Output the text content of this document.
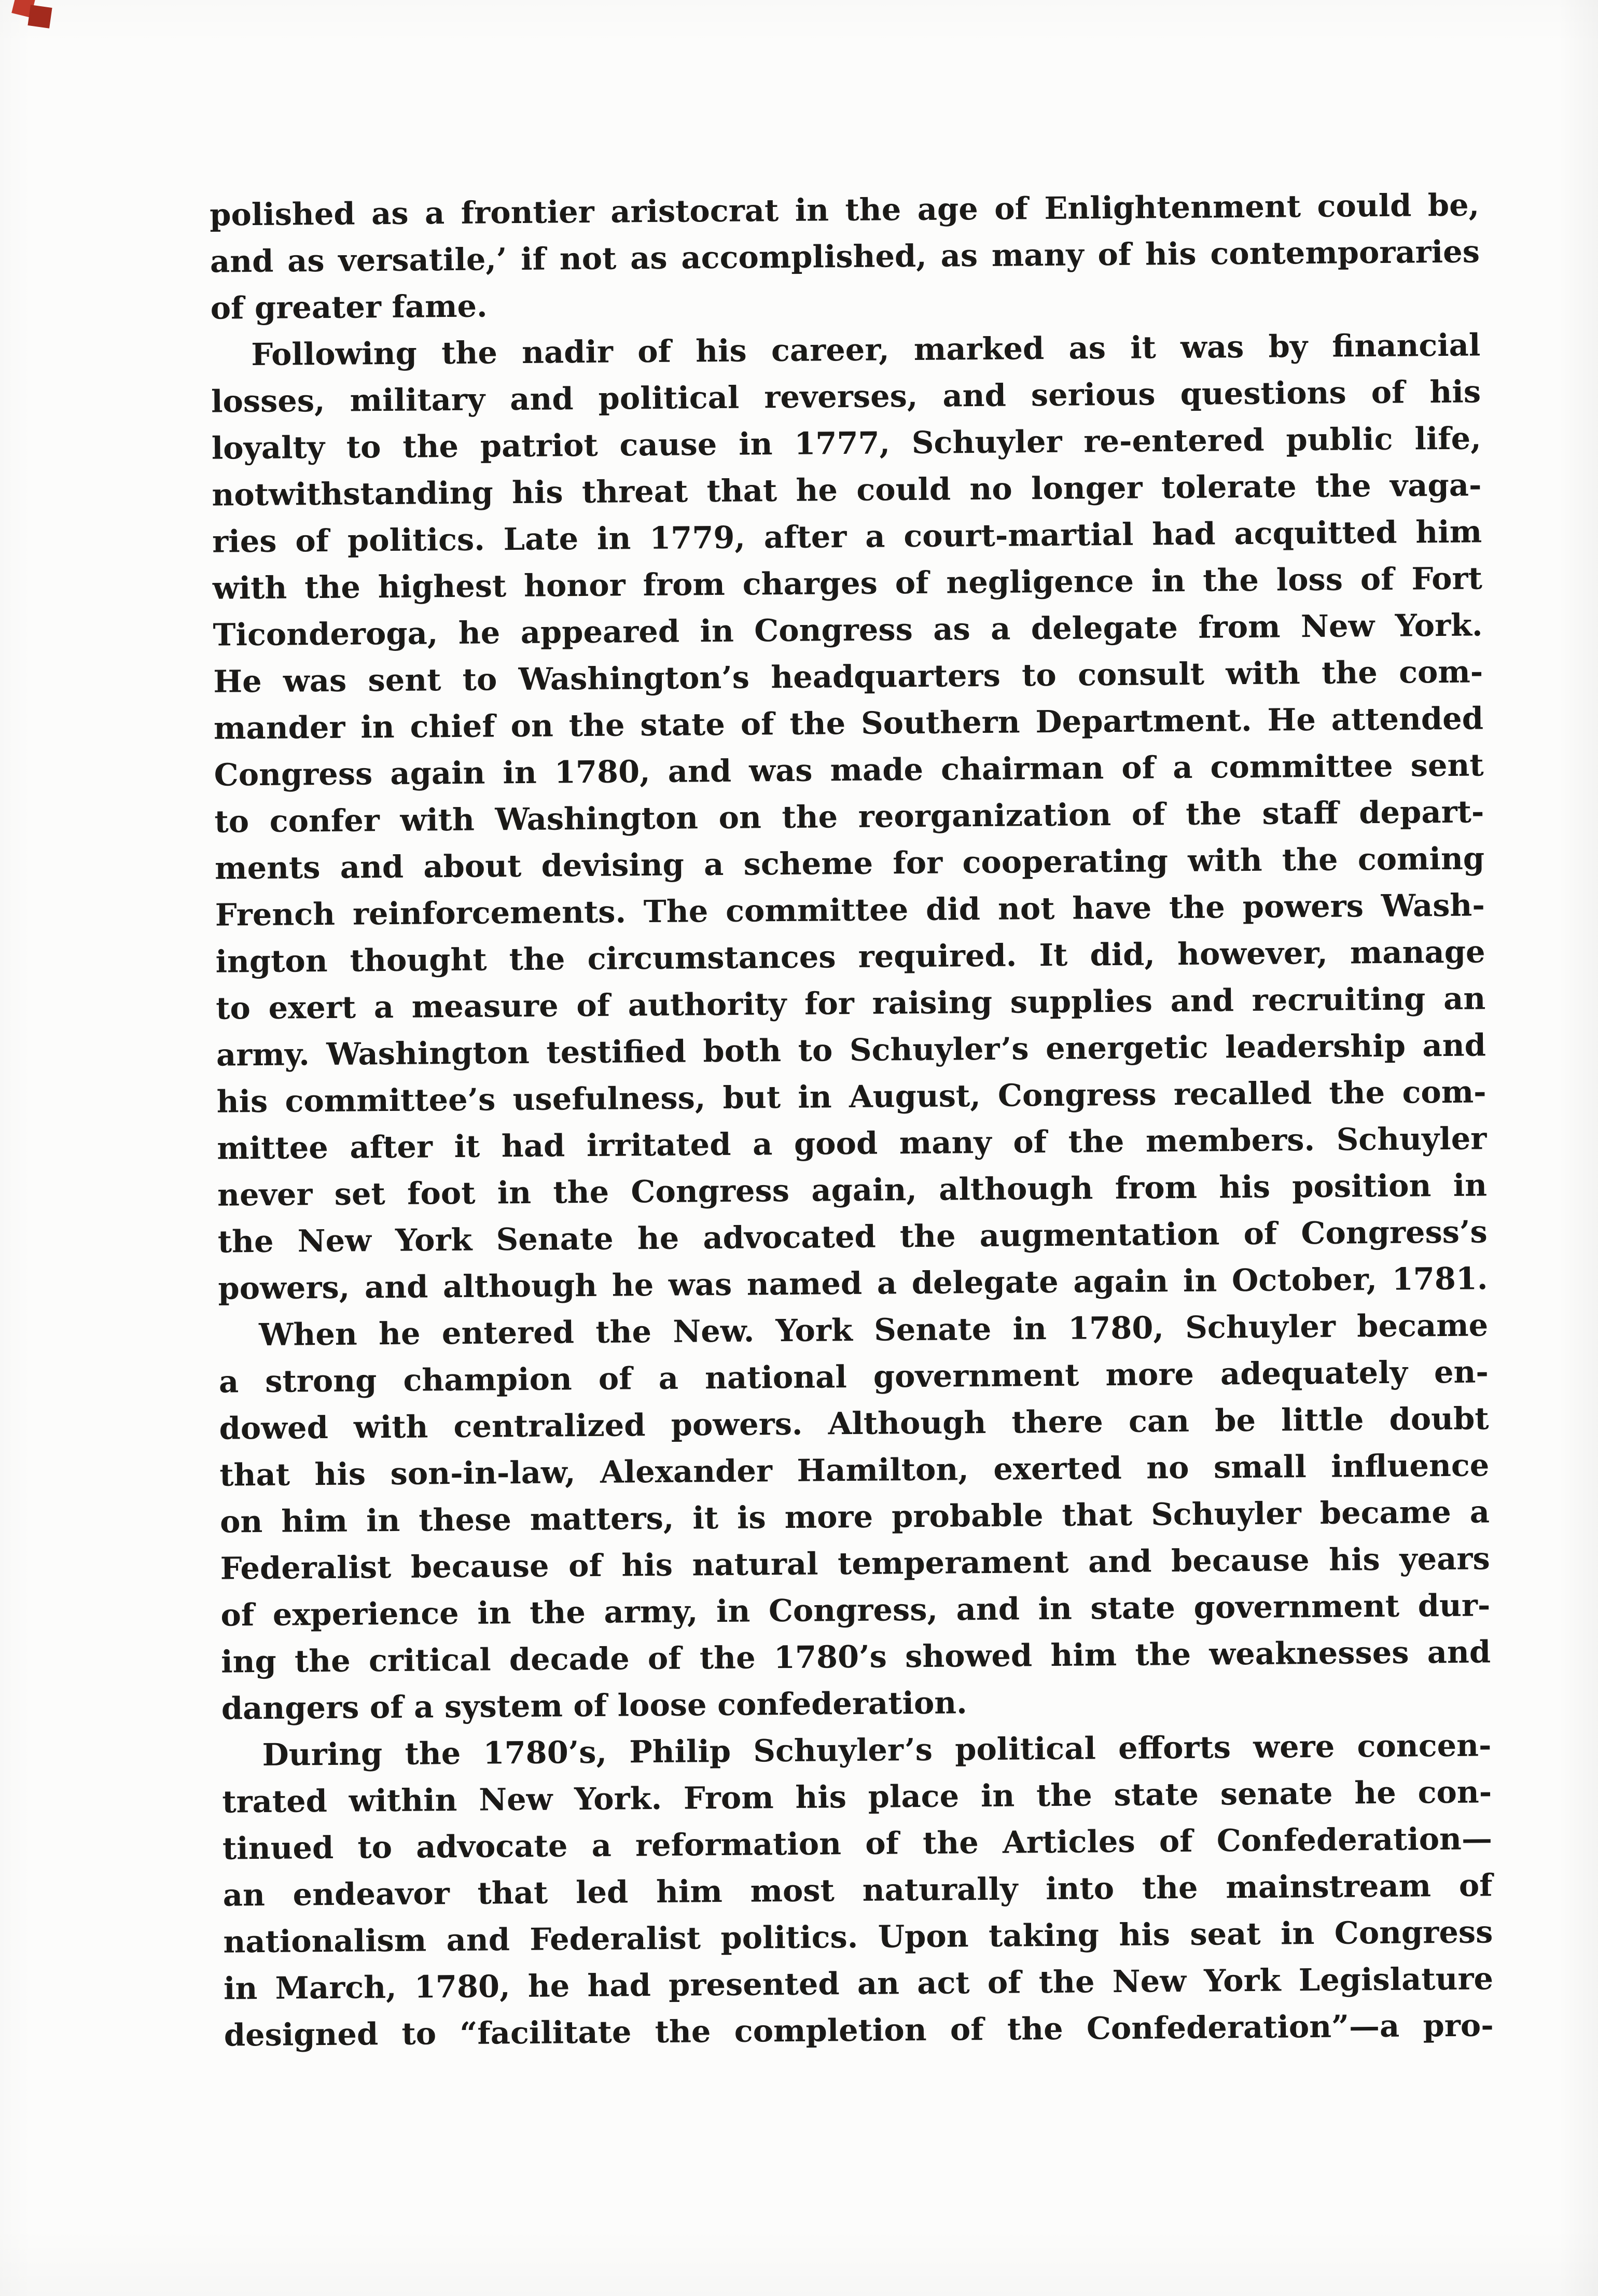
polished as a frontier aristocrat in the age of Enlightenment could be,
and as versatile,’ if not as accomplished, as many of his contemporaries
of greater fame.
Following the nadir of his career, marked as it was by financial
losses, military and political reverses, and serious questions of his
loyalty to the patriot cause in 1777, Schuyler re-entered public life,
notwithstanding his threat that he could no longer tolerate the vaga-
ries of politics. Late in 1779, after a court-martial had acquitted him
with the highest honor from charges of negligence in the loss of Fort
Ticonderoga, he appeared in Congress as a delegate from New York.
He was sent to Washington’s headquarters to consult with the com-
mander in chief on the state of the Southern Department. He attended
Congress again in 1780, and was made chairman of a committee sent
to confer with Washington on the reorganization of the staff depart-
ments and about devising a scheme for cooperating with the coming
French reinforcements. The committee did not have the powers Wash-
ington thought the circumstances required. It did, however, manage
to exert a measure of authority for raising supplies and recruiting an
army. Washington testified both to Schuyler’s energetic leadership and
his committee’s usefulness, but in August, Congress recalled the com-
mittee after it had irritated a good many of the members. Schuyler
never set foot in the Congress again, although from his position in
the New York Senate he advocated the augmentation of Congress’s
powers, and although he was named a delegate again in October, 1781.
When he entered the New. York Senate in 1780, Schuyler became
a strong champion of a national government more adequately en-
dowed with centralized powers. Although there can be little doubt
that his son-in-law, Alexander Hamilton, exerted no small influence
on him in these matters, it is more probable that Schuyler became a
Federalist because of his natural temperament and because his years
of experience in the army, in Congress, and in state government dur-
ing the critical decade of the 1780’s showed him the weaknesses and
dangers of a system of loose confederation.
During the 1780’s, Philip Schuyler’s political efforts were concen-
trated within New York. From his place in the state senate he con-
tinued to advocate a reformation of the Articles of Confederation—
an endeavor that led him most naturally into the mainstream of
nationalism and Federalist politics. Upon taking his seat in Congress
in March, 1780, he had presented an act of the New York Legislature
designed to “facilitate the completion of the Confederation”—a pro-
